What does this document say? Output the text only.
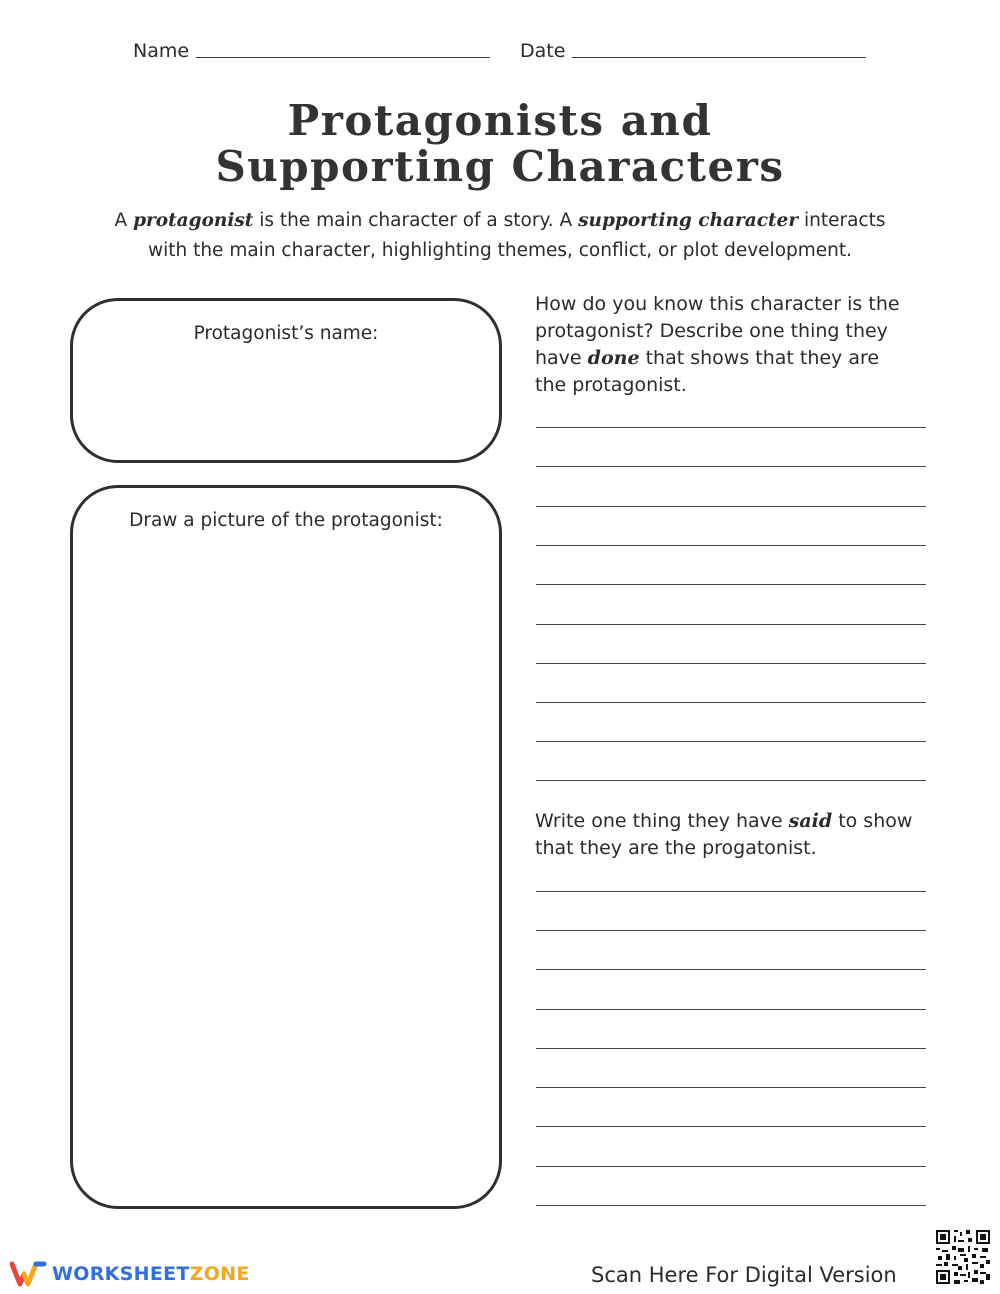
Name	Date
Protagonists and
Supporting Characters
A protagonist is the main character of a story. A supporting character interacts
with the main character, highlighting themes, conflict, or plot development.
Protagonist’s name:
Draw a picture of the protagonist:
How do you know this character is the
protagonist? Describe one thing they
have done that shows that they are
the protagonist.
Write one thing they have said to show
that they are the progatonist.
WORKSHEET ZONE	Scan Here For Digital Version
